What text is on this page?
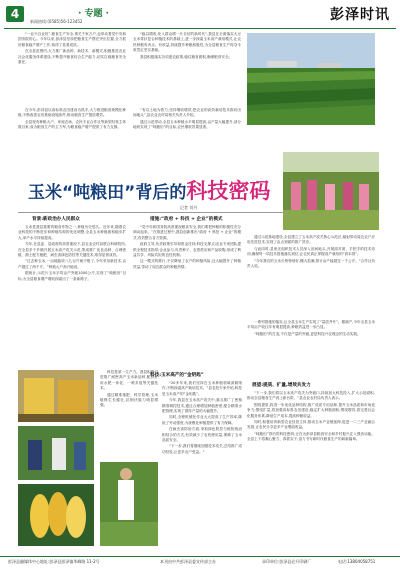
4	· 专题 ·
新闻热线:(0585)56-123452	彭泽时讯

“一业兴百业旺”,粮食生产安全,事关千家万户,也牵动着党中央和国务院的心。今年以来,彭泽县坚持把粮食生产摆在突出位置,全力抓好粮食稳产增产工作,取得了显著成效。

在全县范围内,大力推广新品种、新技术、新模式,积极推进农业社会化服务体系建设,不断提升粮食综合生产能力,切实扛稳粮食安全重任。

“稳以增收,化入群众增一片自信的新时代”,我县在全面落实大豆玉米带状复合种植技术的基础上,进一步探索玉米高产栽培模式,让农民种粮有奔头、有收益,持续提升种粮积极性,为全县粮食生产再夺丰收奠定坚实基础。

我县积极落实各项惠农政策,稳住粮食面积,确保粮食安全。

在今年,彭泽县以高标准农田建设为抓手,大力推进粮食规模化种植,不断改善农田基础设施条件,推动粮食生产提质增效。

全县现有种粮大户、家庭农场、农民专业合作社等新型经营主体数百家,成为粮食生产的主力军,为粮食稳产增产提供了有力支撑。

“有以土地为着力,坚持增收增效,把农业的高效栽培技术推向田间地头”,县农业农村局相关负责人介绍。

通过示范带动,全县玉米种植水平明显提高,亩产量大幅提升,部分地块实现了“吨粮田”的目标,农民增收效果显著。

玉米“吨粮田”背后的科技密码
记者 刘丹
背景:新政治办人民群众	措施:“政府 + 科技 + 企业”的模式

玉米是我县重要的粮食作物之一,种植历史悠久。近年来,随着农业科技的不断进步和种植结构的优化调整,全县玉米种植面积稳步扩大,单产水平持续提高。

今年,在县委、县政府的高度重视下,县农业农村局联合科研院所,在全县多个乡镇开展玉米高产攻关示范,集成推广优良品种、合理密植、测土配方施肥、病虫害绿色防控等关键技术,取得显著成效。

“过去种玉米,一亩地能收八九百斤就不错了,今年采用新技术,亩产超过了两千斤。”种植大户高兴地说。

据统计,示范片玉米平均亩产突破1000公斤,实现了“吨粮田”目标,为全县粮食增产增收探索出了一条新路子。

“党中央和国务院高度重视粮食安全,我们要把种粮的积极性充分调动起来。”在推进过程中,我县创新推出“政府 + 科技 + 企业”的模式,有效整合各方资源。

政府主导,负责政策引导和资金扶持;科技支撑,由农业专家团队提供全程技术指导;企业参与,负责种子、农资供应和产品收购,形成了利益共享、风险共担的良性机制。

这一模式的推行,不仅降低了农户的种植风险,还大幅提升了种植效益,带动了周边群众的种粮热情。

通过示范基地建设,全县建立了玉米高产攻关核心示范区,辐射带动周边农户应用先进技术,实现了由点到面的推广效应。

与此同时,县里还组织技术人员深入田间地头,开展面对面、手把手的技术培训,确保每一项技术措施落实到位,让农民真正掌握高产栽培的“真本领”。

“今年我们的玉米长势特别好,穗大粒满,预计亩产能超过一千公斤。”合作社负责人说。

科技是第一生产力。我县积极引进推广耐密高产玉米新品种,配套应用水肥一体化、一喷多促等关键技术。

通过精准施肥、科学管理,玉米植株生长健壮,抗倒伏能力明显增强。

科技:玉米高产的“金钥匙”

“20多年来,我们坚持在玉米种植领域深耕细作,不断探索高产栽培技术。”县农技专家介绍,科技是玉米高产的“金钥匙”。

今年,我县在玉米高产攻关中,重点推广了密植精准调控技术,通过合理增加种植密度,配合精准水肥管理,实现了群体产量的大幅提升。

同时,全程机械化作业大大提高了生产效率,降低了劳动强度,为规模化种植提供了有力保障。

在病虫害防治方面,采取绿色防控与统防统治相结合的方式,有效减少了农药使用量,保障了玉米品质安全。

“下一步,我们将继续加强技术攻关,总结推广成功经验,让更多农户受益。”

一系列措施的落实,让全县玉米生产实现了“量质齐升”。据测产,今年全县玉米平均亩产较往年有明显提高,种粮效益进一步凸显。

“吨粮田”的打造,不仅是产量的突破,更是科技兴农理念的生动实践。

展望:提质、扩量,增效共发力

“下一步,我们将以玉米高产攻关为突破口,持续加大科技投入,扩大示范面积,推动全县粮食生产再上新台阶。”县农业农村局负责人表示。

围绕提质,将进一步优化品种结构,推广优质专用品种,提升玉米品质和市场竞争力;围绕扩量,将加强高标准农田建设,稳定扩大种植面积;围绕增效,将完善社会化服务体系,降低生产成本,提高种粮收益。

同时,积极培育新型农业经营主体,推动玉米产业链延伸,促进一二三产业融合发展,让农民分享更多产业增值收益。

“吨粮田”背后的科技密码,正在为彭泽县粮食安全和乡村振兴注入强劲动能。全县上下将凝心聚力、真抓实干,奋力书写新时代粮食生产的崭新篇章。

彭泽县融媒体中心地址:彭泽县彭泽镇华峰路 11-2号	本刊由中共彭泽县委宣传部主办	承印单位:彭泽县必升印刷厂	电话:13804058751
